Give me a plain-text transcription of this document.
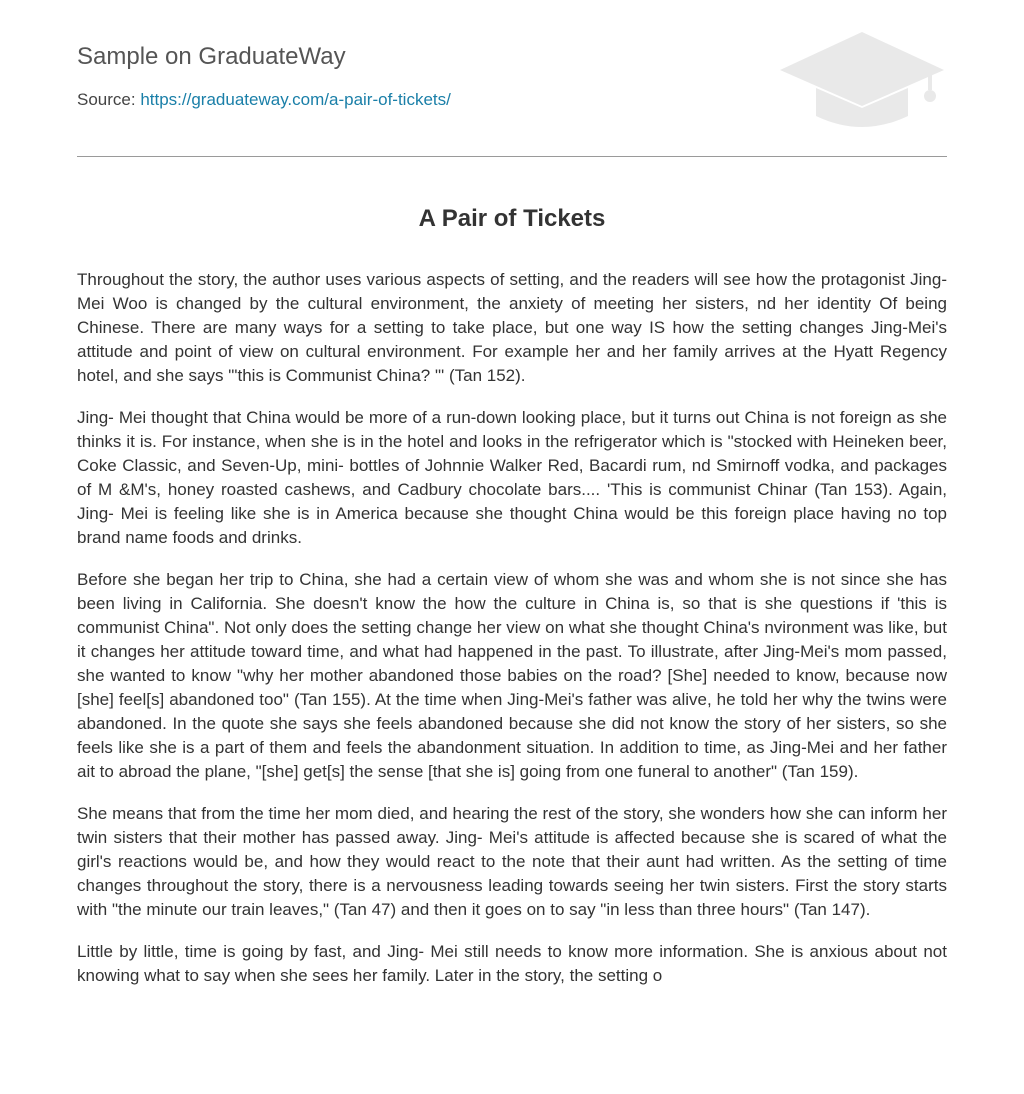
Sample on GraduateWay
Source: https://graduateway.com/a-pair-of-tickets/
A Pair of Tickets

Throughout the story, the author uses various aspects of setting, and the readers will see how the protagonist Jing-Mei Woo is changed by the cultural environment, the anxiety of meeting her sisters, nd her identity Of being Chinese. There are many ways for a setting to take place, but one way IS how the setting changes Jing-Mei's attitude and point of view on cultural environment. For example her and her family arrives at the Hyatt Regency hotel, and she says "'this is Communist China? "' (Tan 152).

Jing- Mei thought that China would be more of a run-down looking place, but it turns out China is not foreign as she thinks it is. For instance, when she is in the hotel and looks in the refrigerator which is "stocked with Heineken beer, Coke Classic, and Seven-Up, mini- bottles of Johnnie Walker Red, Bacardi rum, nd Smirnoff vodka, and packages of M &M's, honey roasted cashews, and Cadbury chocolate bars.... 'This is communist Chinar (Tan 153). Again, Jing- Mei is feeling like she is in America because she thought China would be this foreign place having no top brand name foods and drinks.

Before she began her trip to China, she had a certain view of whom she was and whom she is not since she has been living in California. She doesn't know the how the culture in China is, so that is she questions if 'this is communist China". Not only does the setting change her view on what she thought China's nvironment was like, but it changes her attitude toward time, and what had happened in the past. To illustrate, after Jing-Mei's mom passed, she wanted to know "why her mother abandoned those babies on the road? [She] needed to know, because now [she] feel[s] abandoned too" (Tan 155). At the time when Jing-Mei's father was alive, he told her why the twins were abandoned. In the quote she says she feels abandoned because she did not know the story of her sisters, so she feels like she is a part of them and feels the abandonment situation. In addition to time, as Jing-Mei and her father ait to abroad the plane, "[she] get[s] the sense [that she is] going from one funeral to another" (Tan 159).

She means that from the time her mom died, and hearing the rest of the story, she wonders how she can inform her twin sisters that their mother has passed away. Jing- Mei's attitude is affected because she is scared of what the girl's reactions would be, and how they would react to the note that their aunt had written. As the setting of time changes throughout the story, there is a nervousness leading towards seeing her twin sisters. First the story starts with "the minute our train leaves," (Tan 47) and then it goes on to say "in less than three hours" (Tan 147).

Little by little, time is going by fast, and Jing- Mei still needs to know more information. She is anxious about not knowing what to say when she sees her family. Later in the story, the setting o
